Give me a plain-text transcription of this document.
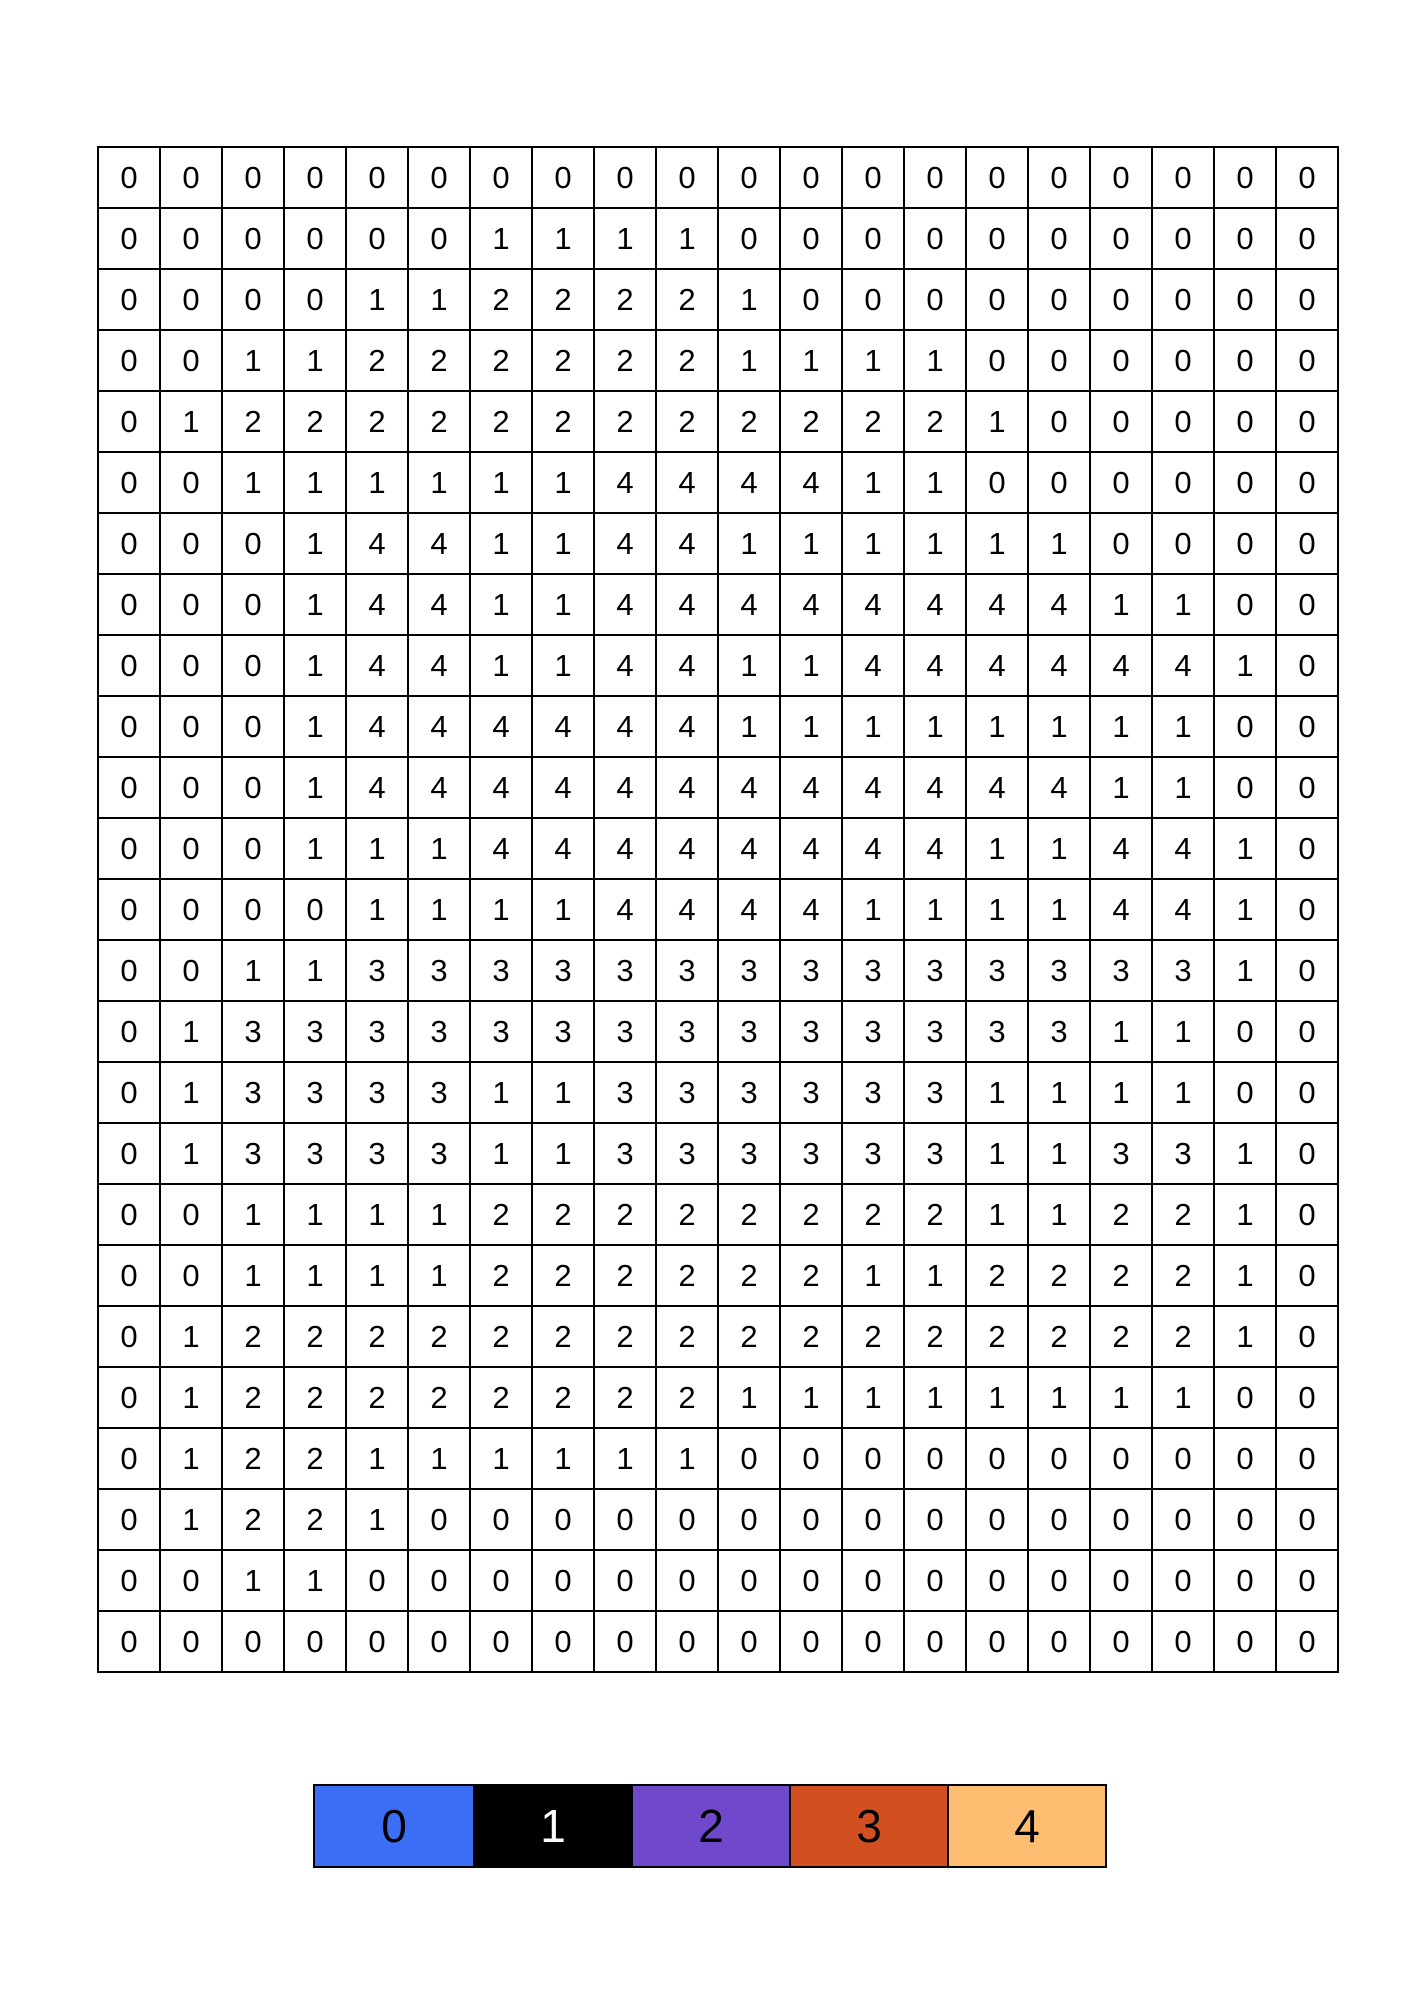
0	0	0	0	0	0	0	0	0	0	0	0	0	0	0	0	0	0	0	0
0	0	0	0	0	0	1	1	1	1	0	0	0	0	0	0	0	0	0	0
0	0	0	0	1	1	2	2	2	2	1	0	0	0	0	0	0	0	0	0
0	0	1	1	2	2	2	2	2	2	1	1	1	1	0	0	0	0	0	0
0	1	2	2	2	2	2	2	2	2	2	2	2	2	1	0	0	0	0	0
0	0	1	1	1	1	1	1	4	4	4	4	1	1	0	0	0	0	0	0
0	0	0	1	4	4	1	1	4	4	1	1	1	1	1	1	0	0	0	0
0	0	0	1	4	4	1	1	4	4	4	4	4	4	4	4	1	1	0	0
0	0	0	1	4	4	1	1	4	4	1	1	4	4	4	4	4	4	1	0
0	0	0	1	4	4	4	4	4	4	1	1	1	1	1	1	1	1	0	0
0	0	0	1	4	4	4	4	4	4	4	4	4	4	4	4	1	1	0	0
0	0	0	1	1	1	4	4	4	4	4	4	4	4	1	1	4	4	1	0
0	0	0	0	1	1	1	1	4	4	4	4	1	1	1	1	4	4	1	0
0	0	1	1	3	3	3	3	3	3	3	3	3	3	3	3	3	3	1	0
0	1	3	3	3	3	3	3	3	3	3	3	3	3	3	3	1	1	0	0
0	1	3	3	3	3	1	1	3	3	3	3	3	3	1	1	1	1	0	0
0	1	3	3	3	3	1	1	3	3	3	3	3	3	1	1	3	3	1	0
0	0	1	1	1	1	2	2	2	2	2	2	2	2	1	1	2	2	1	0
0	0	1	1	1	1	2	2	2	2	2	2	1	1	2	2	2	2	1	0
0	1	2	2	2	2	2	2	2	2	2	2	2	2	2	2	2	2	1	0
0	1	2	2	2	2	2	2	2	2	1	1	1	1	1	1	1	1	0	0
0	1	2	2	1	1	1	1	1	1	0	0	0	0	0	0	0	0	0	0
0	1	2	2	1	0	0	0	0	0	0	0	0	0	0	0	0	0	0	0
0	0	1	1	0	0	0	0	0	0	0	0	0	0	0	0	0	0	0	0
0	0	0	0	0	0	0	0	0	0	0	0	0	0	0	0	0	0	0	0
0	1	2	3	4
